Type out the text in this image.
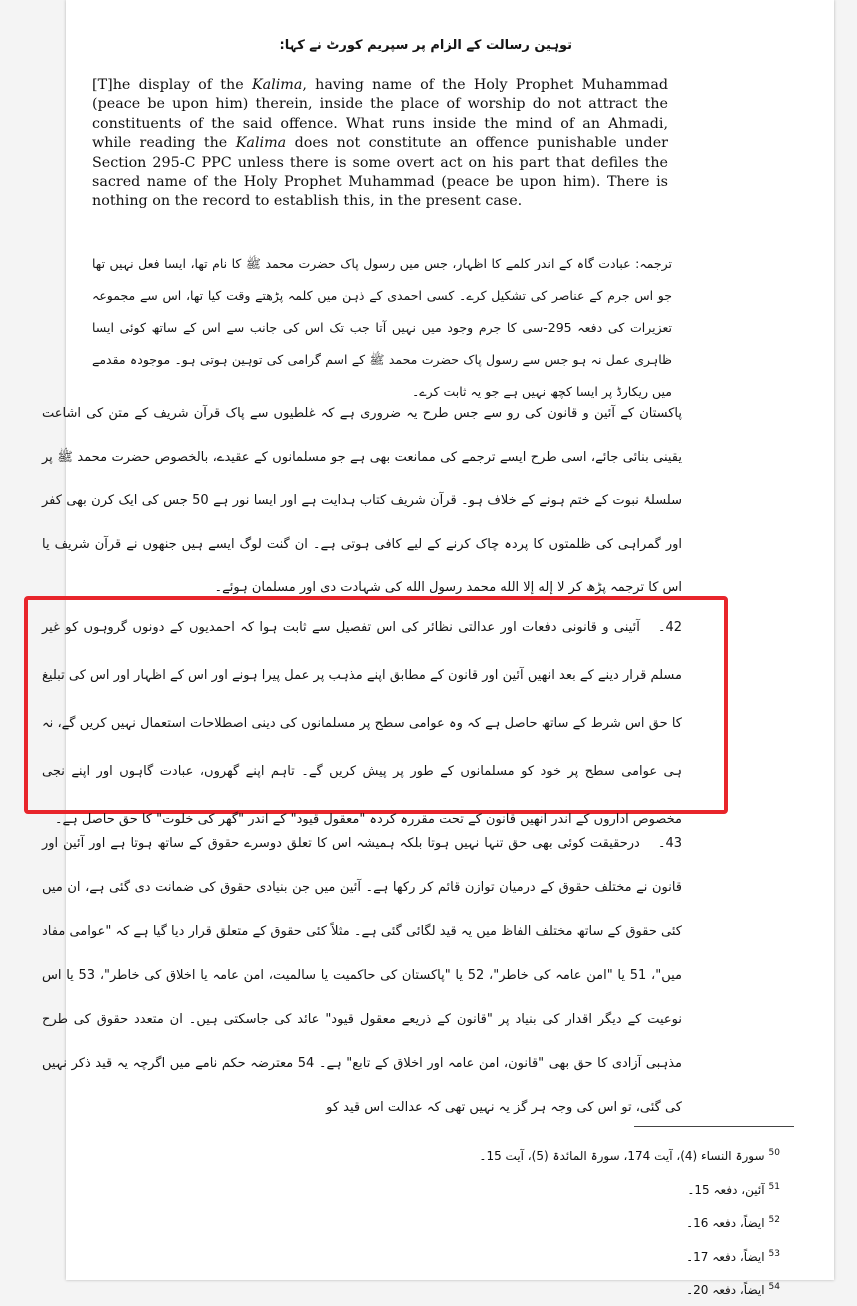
توہین رسالت کے الزام پر سپریم کورٹ نے کہا:

[T]he display of the Kalima, having name of the Holy Prophet Muhammad (peace be upon him) therein, inside the place of worship do not attract the constituents of the said offence. What runs inside the mind of an Ahmadi, while reading the Kalima does not constitute an offence punishable under Section 295-C PPC unless there is some overt act on his part that defiles the sacred name of the Holy Prophet Muhammad (peace be upon him). There is nothing on the record to establish this, in the present case.

ترجمہ: عبادت گاہ کے اندر کلمے کا اظہار، جس میں رسول پاک حضرت محمد ﷺ کا نام تھا، ایسا فعل نہیں تھا جو اس جرم کے عناصر کی تشکیل کرے۔ کسی احمدی کے ذہن میں کلمہ پڑھتے وقت کیا تھا، اس سے مجموعہ تعزیرات کی دفعہ 295-سی کا جرم وجود میں نہیں آتا جب تک اس کی جانب سے اس کے ساتھ کوئی ایسا ظاہری عمل نہ ہو جس سے رسول پاک حضرت محمد ﷺ کے اسم گرامی کی توہین ہوتی ہو۔ موجودہ مقدمے میں ریکارڈ پر ایسا کچھ نہیں ہے جو یہ ثابت کرے۔
پاکستان کے آئین و قانون کی رو سے جس طرح یہ ضروری ہے کہ غلطیوں سے پاک قرآن شریف کے متن کی اشاعت یقینی بنائی جائے، اسی طرح ایسے ترجمے کی ممانعت بھی ہے جو مسلمانوں کے عقیدے، بالخصوص حضرت محمد ﷺ پر سلسلۂ نبوت کے ختم ہونے کے خلاف ہو۔ قرآن شریف کتاب ہدایت ہے اور ایسا نور ہے 50 جس کی ایک کرن بھی کفر اور گمراہی کی ظلمتوں کا پردہ چاک کرنے کے لیے کافی ہوتی ہے۔ ان گنت لوگ ایسے ہیں جنھوں نے قرآن شریف یا اس کا ترجمہ پڑھ کر لا إله إلا الله محمد رسول الله کی شہادت دی اور مسلمان ہوئے۔
42۔آئینی و قانونی دفعات اور عدالتی نظائر کی اس تفصیل سے ثابت ہوا کہ احمدیوں کے دونوں گروہوں کو غیر مسلم قرار دینے کے بعد انھیں آئین اور قانون کے مطابق اپنے مذہب پر عمل پیرا ہونے اور اس کے اظہار اور اس کی تبلیغ کا حق اس شرط کے ساتھ حاصل ہے کہ وہ عوامی سطح پر مسلمانوں کی دینی اصطلاحات استعمال نہیں کریں گے، نہ ہی عوامی سطح پر خود کو مسلمانوں کے طور پر پیش کریں گے۔ تاہم اپنے گھروں، عبادت گاہوں اور اپنے نجی مخصوص اداروں کے اندر انھیں قانون کے تحت مقررہ کردہ "معقول قیود" کے اندر "گھر کی خلوت" کا حق حاصل ہے۔
43۔درحقیقت کوئی بھی حق تنہا نہیں ہوتا بلکہ ہمیشہ اس کا تعلق دوسرے حقوق کے ساتھ ہوتا ہے اور آئین اور قانون نے مختلف حقوق کے درمیان توازن قائم کر رکھا ہے۔ آئین میں جن بنیادی حقوق کی ضمانت دی گئی ہے، ان میں کئی حقوق کے ساتھ مختلف الفاظ میں یہ قید لگائی گئی ہے۔ مثلاً کئی حقوق کے متعلق قرار دیا گیا ہے کہ "عوامی مفاد میں"، 51 یا "امن عامہ کی خاطر"، 52 یا "پاکستان کی حاکمیت یا سالمیت، امن عامہ یا اخلاق کی خاطر"، 53 یا اس نوعیت کے دیگر اقدار کی بنیاد پر "قانون کے ذریعے معقول قیود" عائد کی جاسکتی ہیں۔ ان متعدد حقوق کی طرح مذہبی آزادی کا حق بھی "قانون، امن عامہ اور اخلاق کے تابع" ہے۔ 54 معترضہ حکم نامے میں اگرچہ یہ قید ذکر نہیں کی گئی، تو اس کی وجہ ہر گز یہ نہیں تھی کہ عدالت اس قید کو
$^{50}$سورۃ النساء (4)، آیت 174، سورۃ المائدۃ (5)، آیت 15۔
$^{51}$آئین، دفعہ 15۔
$^{52}$ایضاً، دفعہ 16۔
$^{53}$ایضاً، دفعہ 17۔
$^{54}$ایضاً، دفعہ 20۔
